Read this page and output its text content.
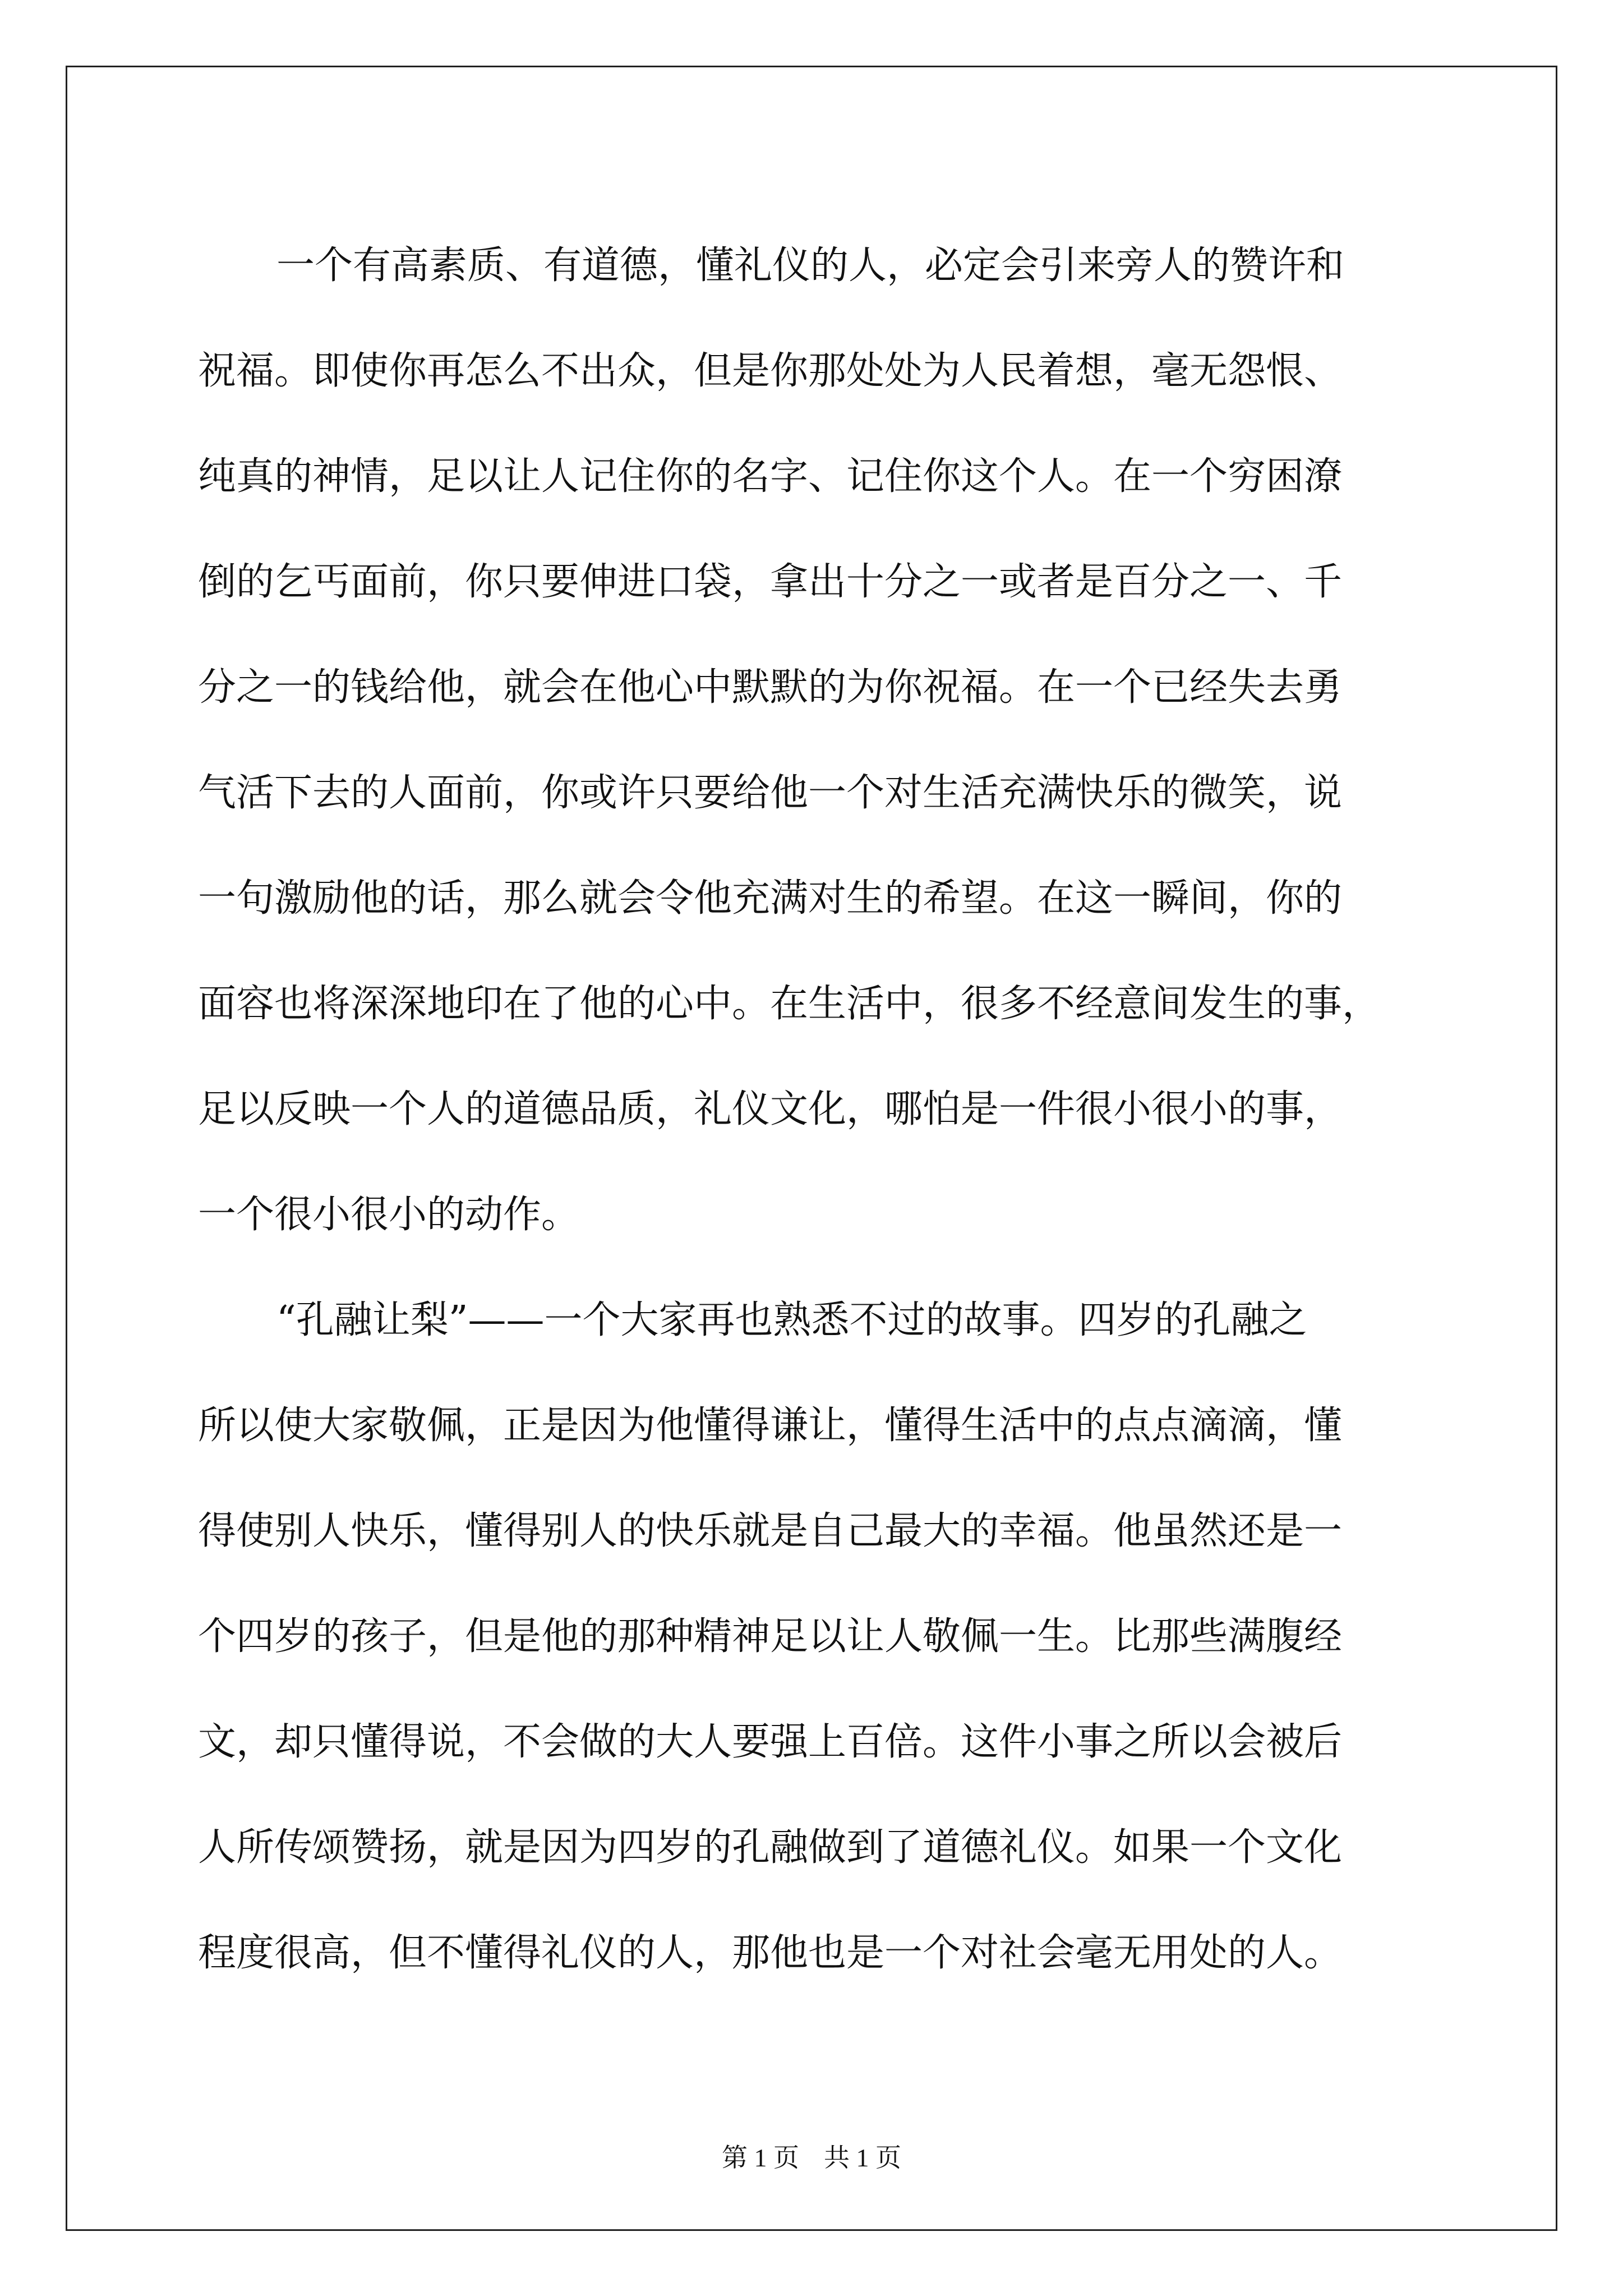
一个有高素质、有道德，懂礼仪的人，必定会引来旁人的赞许和
祝福。即使你再怎么不出众，但是你那处处为人民着想，毫无怨恨、
纯真的神情，足以让人记住你的名字、记住你这个人。在一个穷困潦
倒的乞丐面前，你只要伸进口袋，拿出十分之一或者是百分之一、千
分之一的钱给他，就会在他心中默默的为你祝福。在一个已经失去勇
气活下去的人面前，你或许只要给他一个对生活充满快乐的微笑，说
一句激励他的话，那么就会令他充满对生的希望。在这一瞬间，你的
面容也将深深地印在了他的心中。在生活中，很多不经意间发生的事，
足以反映一个人的道德品质，礼仪文化，哪怕是一件很小很小的事，
一个很小很小的动作。
“孔融让梨”——一个大家再也熟悉不过的故事。四岁的孔融之
所以使大家敬佩，正是因为他懂得谦让，懂得生活中的点点滴滴，懂
得使别人快乐，懂得别人的快乐就是自己最大的幸福。他虽然还是一
个四岁的孩子，但是他的那种精神足以让人敬佩一生。比那些满腹经
文，却只懂得说，不会做的大人要强上百倍。这件小事之所以会被后
人所传颂赞扬，就是因为四岁的孔融做到了道德礼仪。如果一个文化
程度很高，但不懂得礼仪的人，那他也是一个对社会毫无用处的人。
第 1 页 共 1 页
